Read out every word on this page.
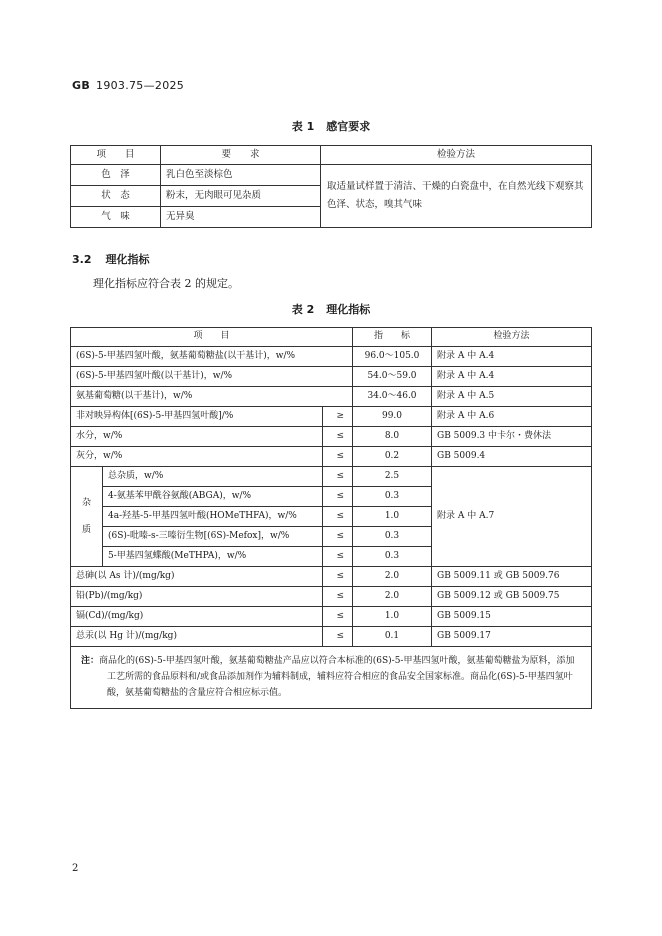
GB 1903.75—2025
表 1 感官要求
项　　目	要　　求	检验方法
色　泽	乳白色至淡棕色	取适量试样置于清洁、干燥的白瓷盘中，在自然光线下观察其色泽、状态，嗅其气味
状　态	粉末，无肉眼可见杂质	
气　味	无异臭	
3.2 理化指标
理化指标应符合表 2 的规定。
表 2 理化指标
项　　目			指　　标	检验方法
(6S)-5-甲基四氢叶酸，氨基葡萄糖盐(以干基计)，w/%			96.0～105.0	附录 A 中 A.4
(6S)-5-甲基四氢叶酸(以干基计)，w/%			54.0～59.0	附录 A 中 A.4
氨基葡萄糖(以干基计)，w/%			34.0～46.0	附录 A 中 A.5
非对映异构体[(6S)-5-甲基四氢叶酸]/%		≥	99.0	附录 A 中 A.6
水分，w/%		≤	8.0	GB 5009.3 中卡尔・费休法
灰分，w/%		≤	0.2	GB 5009.4

杂
质	总杂质，w/%	≤	2.5	附录 A 中 A.7
	4-氨基苯甲酰谷氨酸(ABGA)，w/%	≤	0.3	
	4a-羟基-5-甲基四氢叶酸(HOMeTHFA)，w/%	≤	1.0	
	(6S)-吡嗪-s-三嗪衍生物[(6S)-Mefox]，w/%	≤	0.3	
	5-甲基四氢蝶酸(MeTHPA)，w/%	≤	0.3	
总砷(以 As 计)/(mg/kg)		≤	2.0	GB 5009.11 或 GB 5009.76
铅(Pb)/(mg/kg)		≤	2.0	GB 5009.12 或 GB 5009.75
镉(Cd)/(mg/kg)		≤	1.0	GB 5009.15
总汞(以 Hg 计)/(mg/kg)		≤	0.1	GB 5009.17

注：商品化的(6S)-5-甲基四氢叶酸，氨基葡萄糖盐产品应以符合本标准的(6S)-5-甲基四氢叶酸，氨基葡萄糖盐为原料，添加工艺所需的食品原料和/或食品添加剂作为辅料制成，辅料应符合相应的食品安全国家标准。商品化(6S)-5-甲基四氢叶酸，氨基葡萄糖盐的含量应符合相应标示值。				
2
